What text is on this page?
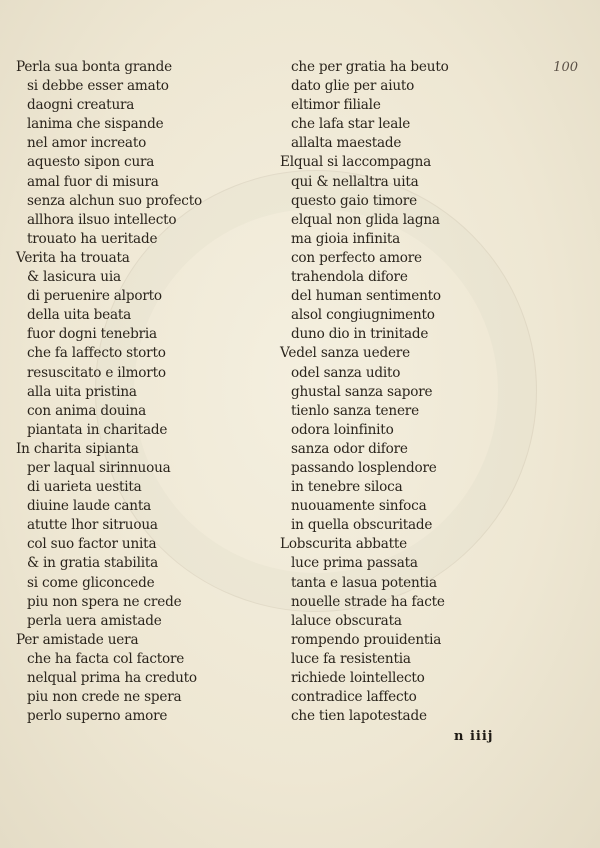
100
Perla sua bonta grande
si debbe esser amato
daogni creatura
lanima che sispande
nel amor increato
aquesto sipon cura
amal fuor di misura
senza alchun suo profecto
allhora ilsuo intellecto
trouato ha ueritade
Verita ha trouata
& lasicura uia
di peruenire alporto
della uita beata
fuor dogni tenebria
che fa laffecto storto
resuscitato e ilmorto
alla uita pristina
con anima douina
piantata in charitade
In charita sipianta
per laqual sirinnuoua
di uarieta uestita
diuine laude canta
atutte lhor sitruoua
col suo factor unita
& in gratia stabilita
si come gliconcede
piu non spera ne crede
perla uera amistade
Per amistade uera
che ha facta col factore
nelqual prima ha creduto
piu non crede ne spera
perlo superno amore
che per gratia ha beuto
dato glie per aiuto
eltimor filiale
che lafa star leale
allalta maestade
Elqual si laccompagna
qui & nellaltra uita
questo gaio timore
elqual non glida lagna
ma gioia infinita
con perfecto amore
trahendola difore
del human sentimento
alsol congiugnimento
duno dio in trinitade
Vedel sanza uedere
odel sanza udito
ghustal sanza sapore
tienlo sanza tenere
odora loinfinito
sanza odor difore
passando losplendore
in tenebre siloca
nuouamente sinfoca
in quella obscuritade
Lobscurita abbatte
luce prima passata
tanta e lasua potentia
nouelle strade ha facte
laluce obscurata
rompendo prouidentia
luce fa resistentia
richiede lointellecto
contradice laffecto
che tien lapotestade
n iiij
